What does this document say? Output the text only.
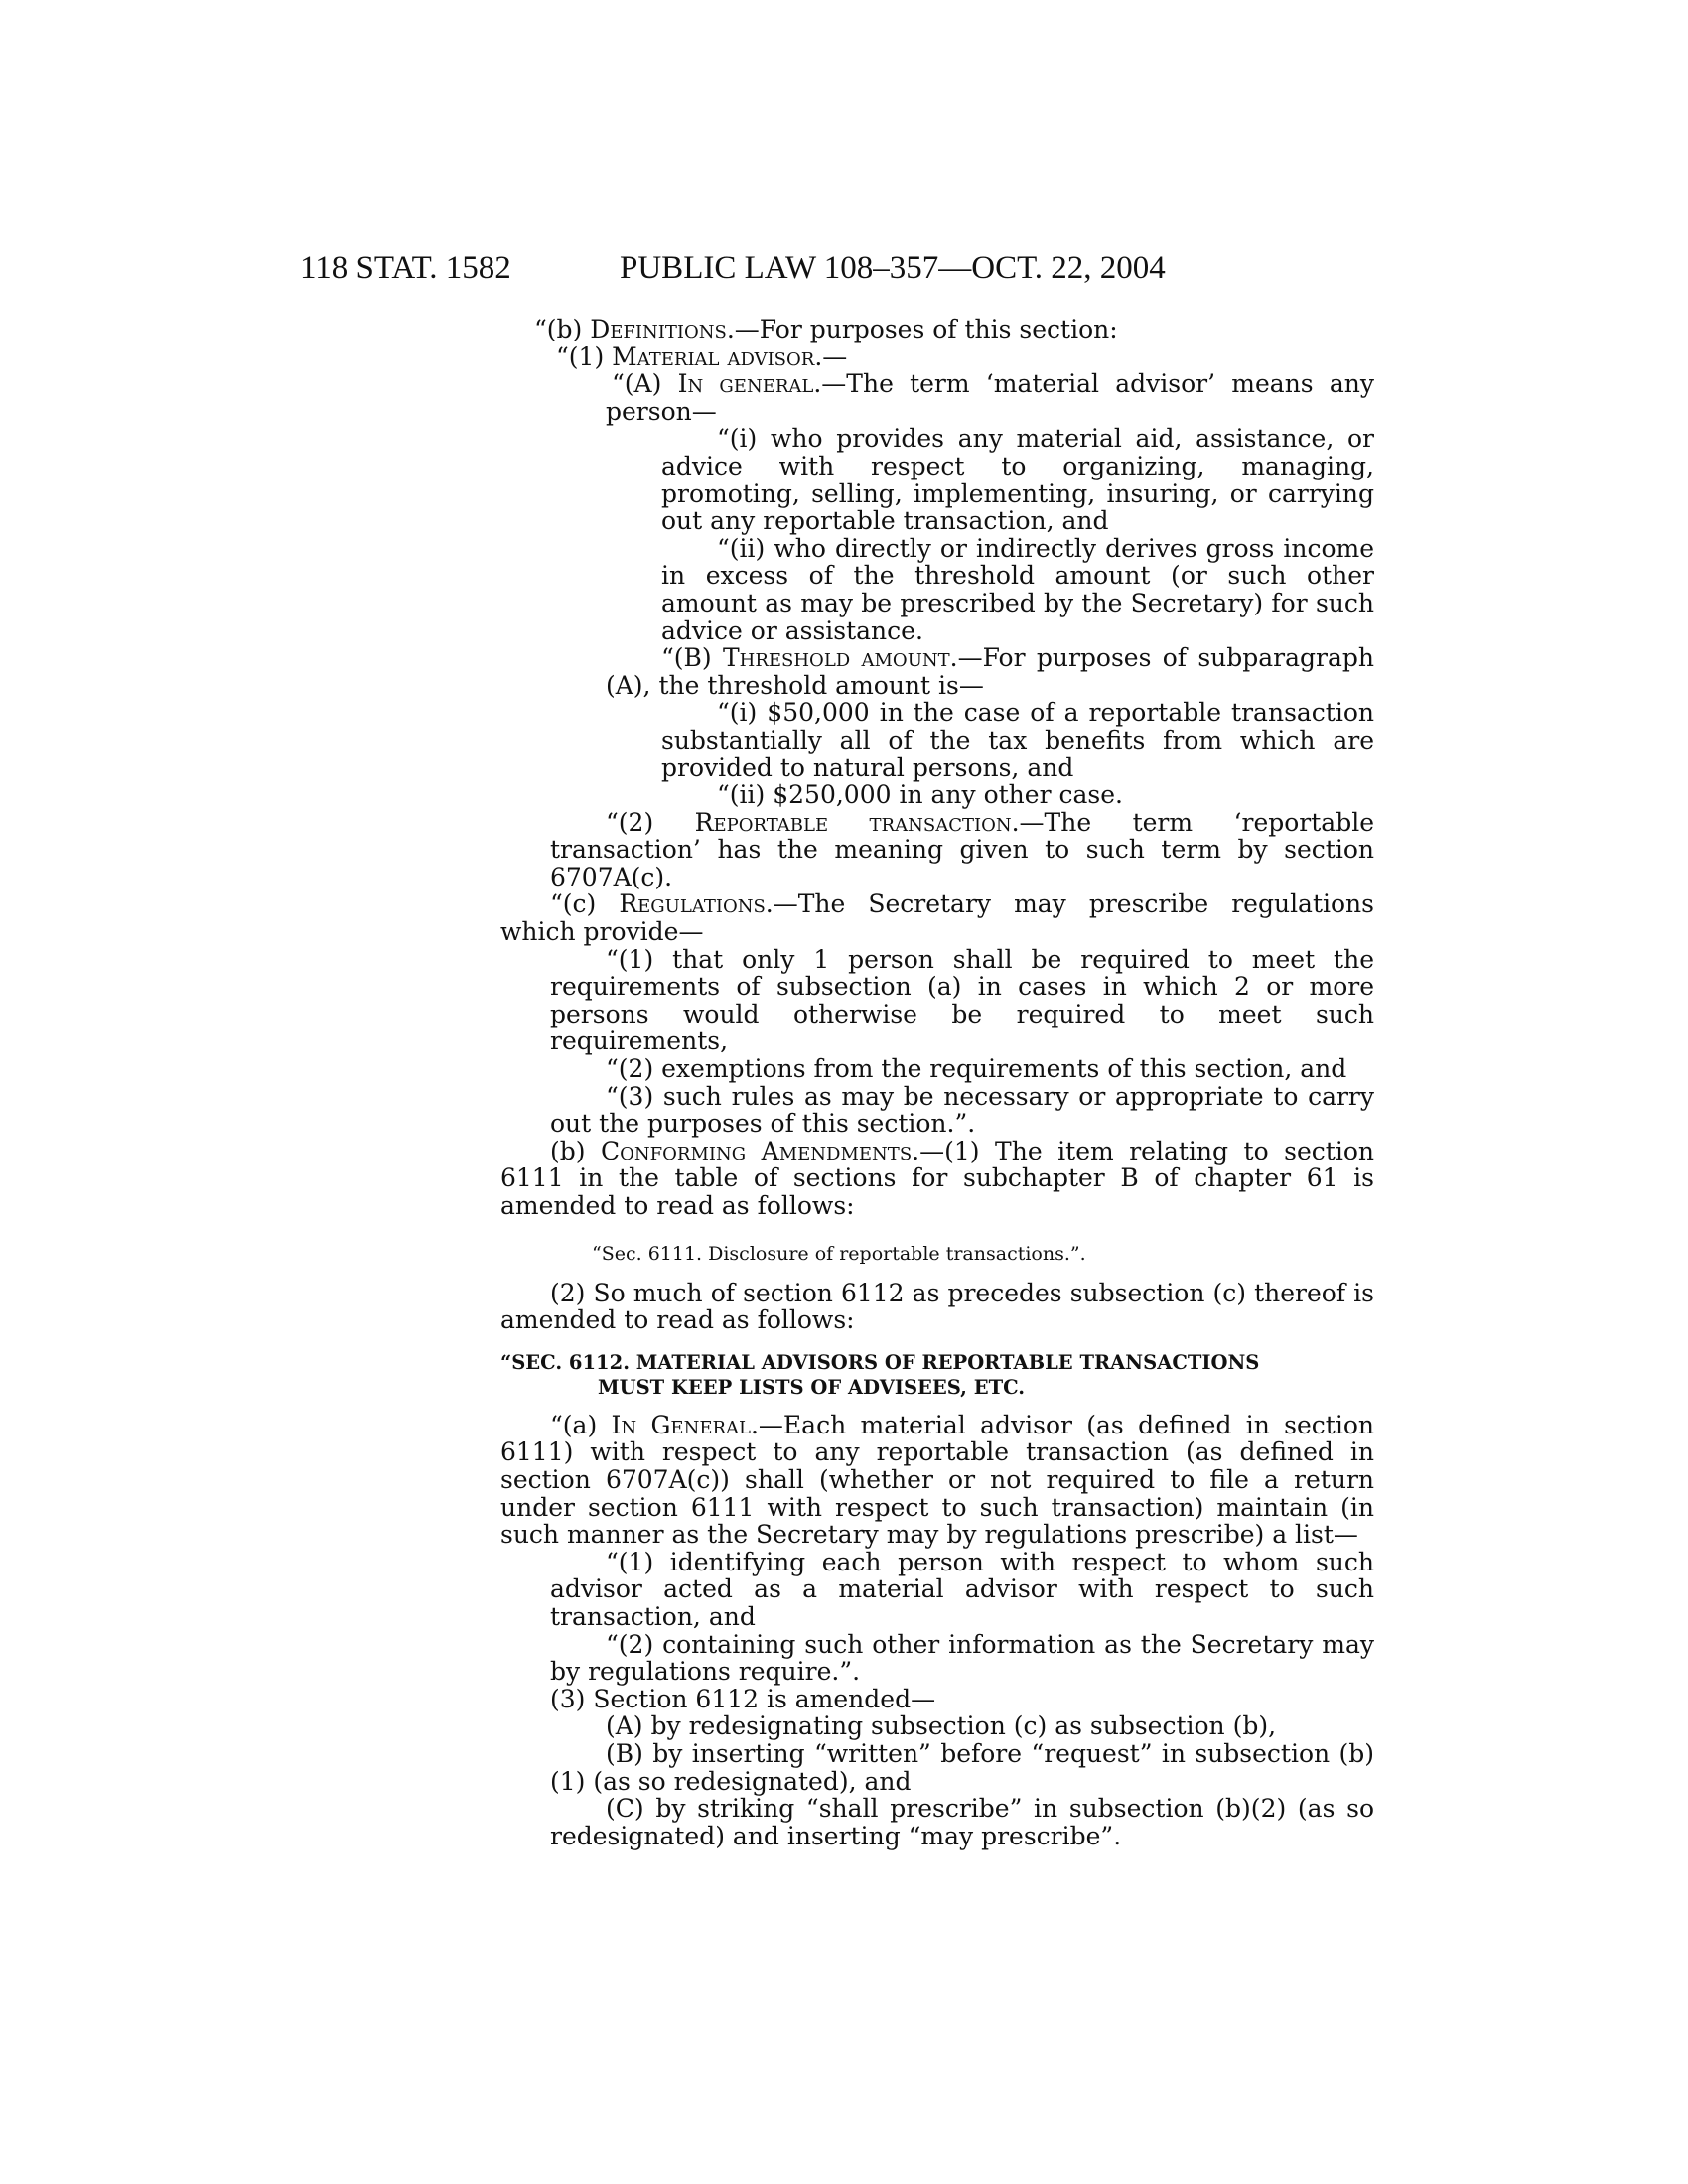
118 STAT. 1582	PUBLIC LAW 108–357—OCT. 22, 2004

“(b) Definitions.—For purposes of this section:

“(1) Material advisor.—

“(A) In general.—The term ‘material advisor’ means any person—

“(i) who provides any material aid, assistance, or advice with respect to organizing, managing, promoting, selling, implementing, insuring, or carrying out any reportable transaction, and

“(ii) who directly or indirectly derives gross income in excess of the threshold amount (or such other amount as may be prescribed by the Secretary) for such advice or assistance.

“(B) Threshold amount.—For purposes of subparagraph (A), the threshold amount is—

“(i) $50,000 in the case of a reportable transaction substantially all of the tax benefits from which are provided to natural persons, and

“(ii) $250,000 in any other case.

“(2) Reportable transaction.—The term ‘reportable transaction’ has the meaning given to such term by section 6707A(c).

“(c) Regulations.—The Secretary may prescribe regulations which provide—

“(1) that only 1 person shall be required to meet the requirements of subsection (a) in cases in which 2 or more persons would otherwise be required to meet such requirements,

“(2) exemptions from the requirements of this section, and

“(3) such rules as may be necessary or appropriate to carry out the purposes of this section.”.

(b) Conforming Amendments.—(1) The item relating to section 6111 in the table of sections for subchapter B of chapter 61 is amended to read as follows:

“Sec. 6111. Disclosure of reportable transactions.”.

(2) So much of section 6112 as precedes subsection (c) thereof is amended to read as follows:

“SEC. 6112. MATERIAL ADVISORS OF REPORTABLE TRANSACTIONS
MUST KEEP LISTS OF ADVISEES, ETC.

“(a) In General.—Each material advisor (as defined in section 6111) with respect to any reportable transaction (as defined in section 6707A(c)) shall (whether or not required to file a return under section 6111 with respect to such transaction) maintain (in such manner as the Secretary may by regulations prescribe) a list—

“(1) identifying each person with respect to whom such advisor acted as a material advisor with respect to such transaction, and

“(2) containing such other information as the Secretary may by regulations require.”.

(3) Section 6112 is amended—

(A) by redesignating subsection (c) as subsection (b),

(B) by inserting “written” before “request” in subsection (b)(1) (as so redesignated), and

(C) by striking “shall prescribe” in subsection (b)(2) (as so redesignated) and inserting “may prescribe”.
